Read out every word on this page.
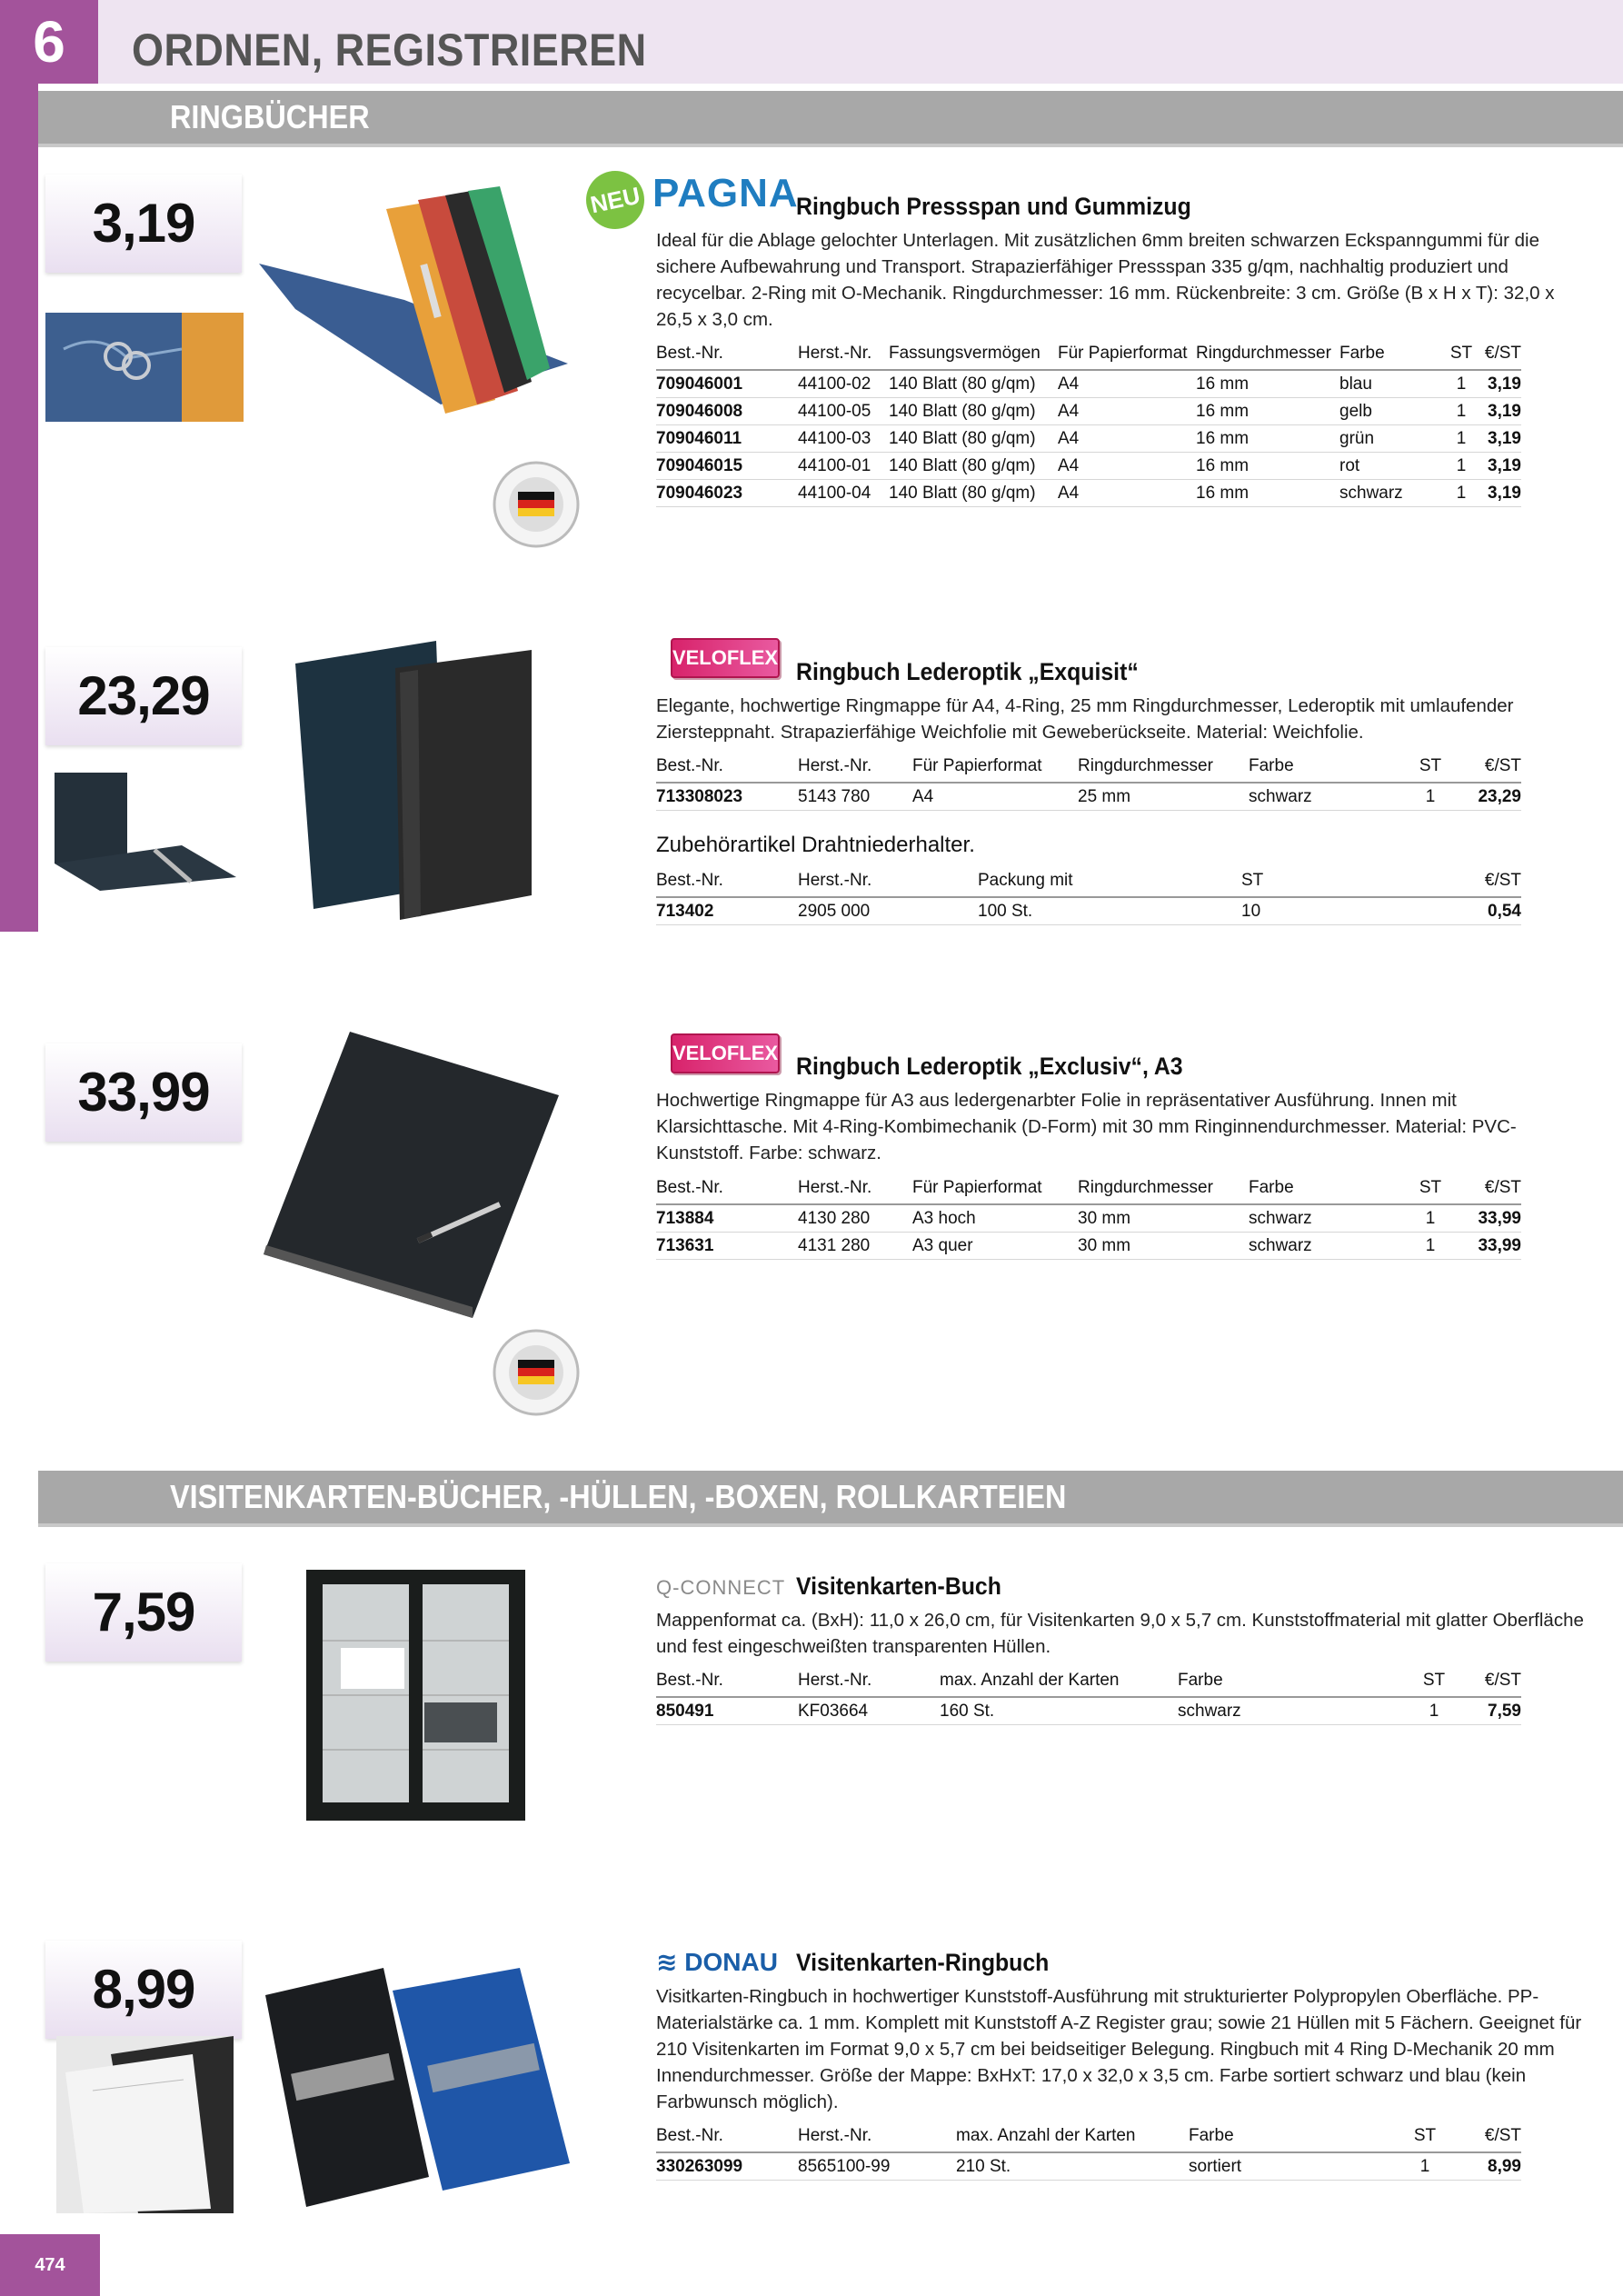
6	ORDNEN, REGISTRIEREN
RINGBÜCHER
3,19	NEU PAGNA
Ringbuch Pressspan und Gummizug
Ideal für die Ablage gelochter Unterlagen. Mit zusätzlichen 6mm breiten schwarzen Eckspanngummi für die sichere Aufbewahrung und Transport. Strapazierfähiger Pressspan 335 g/qm, nachhaltig produziert und recycelbar. 2-Ring mit O-Mechanik. Ringdurchmesser: 16 mm. Rückenbreite: 3 cm. Größe (B x H x T): 32,0 x 26,5 x 3,0 cm.
Best.-Nr.	Herst.-Nr.	Fassungsvermögen	Für Papierformat	Ringdurchmesser	Farbe	ST	€/ST
709046001	44100-02	140 Blatt (80 g/qm)	A4	16 mm	blau	1	3,19
709046008	44100-05	140 Blatt (80 g/qm)	A4	16 mm	gelb	1	3,19
709046011	44100-03	140 Blatt (80 g/qm)	A4	16 mm	grün	1	3,19
709046015	44100-01	140 Blatt (80 g/qm)	A4	16 mm	rot	1	3,19
709046023	44100-04	140 Blatt (80 g/qm)	A4	16 mm	schwarz	1	3,19
23,29
VELOFLEX
Ringbuch Lederoptik „Exquisit“
Elegante, hochwertige Ringmappe für A4, 4-Ring, 25 mm Ringdurchmesser, Lederoptik mit umlaufender Ziersteppnaht. Strapazierfähige Weichfolie mit Geweberückseite. Material: Weichfolie.
Best.-Nr.	Herst.-Nr.	Für Papierformat	Ringdurchmesser	Farbe	ST	€/ST
713308023	5143 780	A4	25 mm	schwarz	1	23,29
Zubehörartikel Drahtniederhalter.
Best.-Nr.	Herst.-Nr.	Packung mit	ST	€/ST
713402	2905 000	100 St.	10	0,54
33,99
VELOFLEX Ringbuch Lederoptik „Exclusiv“, A3
Hochwertige Ringmappe für A3 aus ledergenarbter Folie in repräsentativer Ausführung. Innen mit Klarsichttasche. Mit 4-Ring-Kombimechanik (D-Form) mit 30 mm Ringinnendurchmesser. Material: PVC-Kunststoff. Farbe: schwarz.
Best.-Nr.	Herst.-Nr.	Für Papierformat	Ringdurchmesser	Farbe	ST	€/ST
713884	4130 280	A3 hoch	30 mm	schwarz	1	33,99
713631	4131 280	A3 quer	30 mm	schwarz	1	33,99
VISITENKARTEN-BÜCHER, -HÜLLEN, -BOXEN, ROLLKARTEIEN
7,59	Q-CONNECT Visitenkarten-Buch
Mappenformat ca. (BxH): 11,0 x 26,0 cm, für Visitenkarten 9,0 x 5,7 cm. Kunststoffmaterial mit glatter Oberfläche und fest eingeschweißten transparenten Hüllen.
Best.-Nr.	Herst.-Nr.	max. Anzahl der Karten	Farbe	ST	€/ST
850491	KF03664	160 St.	schwarz	1	7,59
8,99	≋ DONAU Visitenkarten-Ringbuch
Visitkarten-Ringbuch in hochwertiger Kunststoff-Ausführung mit strukturierter Polypropylen Oberfläche. PP-Materialstärke ca. 1 mm. Komplett mit Kunststoff A-Z Register grau; sowie 21 Hüllen mit 5 Fächern. Geeignet für 210 Visitenkarten im Format 9,0 x 5,7 cm bei beidseitiger Belegung. Ringbuch mit 4 Ring D-Mechanik 20 mm Innendurchmesser. Größe der Mappe: BxHxT: 17,0 x 32,0 x 3,5 cm. Farbe sortiert schwarz und blau (kein Farbwunsch möglich).
Best.-Nr.	Herst.-Nr.	max. Anzahl der Karten	Farbe	ST	€/ST
330263099	8565100-99	210 St.	sortiert	1	8,99
474
